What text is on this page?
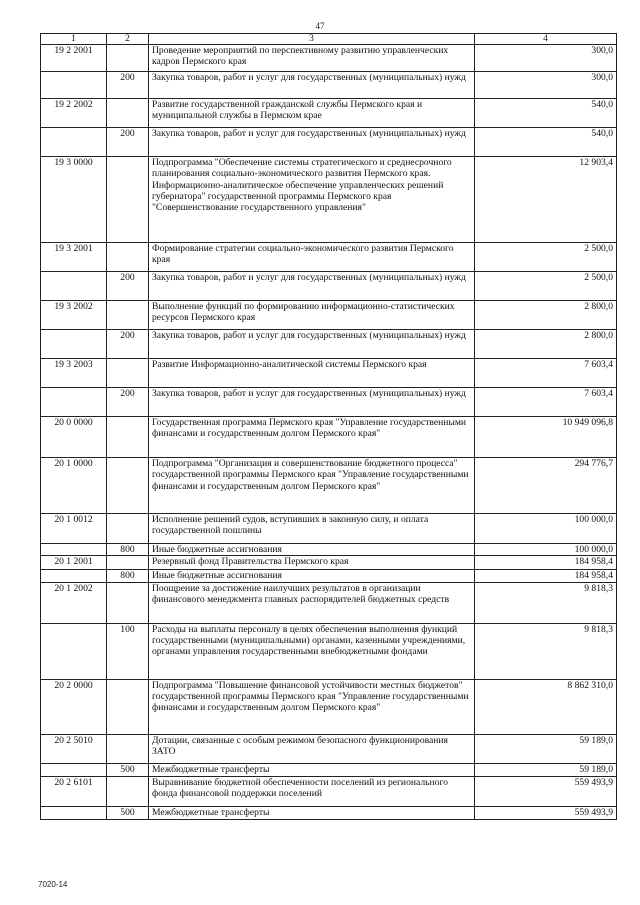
47
1	2	3	4
19 2 2001		Проведение мероприятий по перспективному развитию управленческих кадров Пермского края	300,0
	200	Закупка товаров, работ и услуг для государственных (муниципальных) нужд	300,0
19 2 2002		Развитие государственной гражданской службы Пермского края и муниципальной службы в Пермском крае	540,0
	200	Закупка товаров, работ и услуг для государственных (муниципальных) нужд	540,0
19 3 0000		Подпрограмма "Обеспечение системы стратегического и среднесрочного планирования социально-экономического развития Пермского края. Информационно-аналитическое обеспечение управленческих решений губернатора" государственной программы Пермского края "Совершенствование государственного управления"	12 903,4
19 3 2001		Формирование стратегии социально-экономического развития Пермского края	2 500,0
	200	Закупка товаров, работ и услуг для государственных (муниципальных) нужд	2 500,0
19 3 2002		Выполнение функций по формированию информационно-статистических ресурсов Пермского края	2 800,0
	200	Закупка товаров, работ и услуг для государственных (муниципальных) нужд	2 800,0
19 3 2003		Развитие Информационно-аналитической системы Пермского края	7 603,4
	200	Закупка товаров, работ и услуг для государственных (муниципальных) нужд	7 603,4
20 0 0000		Государственная программа Пермского края "Управление государственными финансами и государственным долгом Пермского края"	10 949 096,8
20 1 0000		Подпрограмма "Организация и совершенствование бюджетного процесса" государственной программы Пермского края "Управление государственными финансами и государственным долгом Пермского края"	294 776,7
20 1 0012		Исполнение решений судов, вступивших в законную силу, и оплата государственной пошлины	100 000,0
	800	Иные бюджетные ассигнования	100 000,0
20 1 2001		Резервный фонд Правительства Пермского края	184 958,4
	800	Иные бюджетные ассигнования	184 958,4
20 1 2002		Поощрение за достижение наилучших результатов в организации финансового менеджмента главных распорядителей бюджетных средств	9 818,3
	100	Расходы на выплаты персоналу в целях обеспечения выполнения функций государственными (муниципальными) органами, казенными учреждениями, органами управления государственными внебюджетными фондами	9 818,3
20 2 0000		Подпрограмма "Повышение финансовой устойчивости местных бюджетов" государственной программы Пермского края "Управление государственными финансами и государственным долгом Пермского края"	8 862 310,0
20 2 5010		Дотации, связанные с особым режимом безопасного функционирования ЗАТО	59 189,0
	500	Межбюджетные трансферты	59 189,0
20 2 6101		Выравнивание бюджетной обеспеченности поселений из регионального фонда финансовой поддержки поселений	559 493,9
	500	Межбюджетные трансферты	559 493,9
7020-14
